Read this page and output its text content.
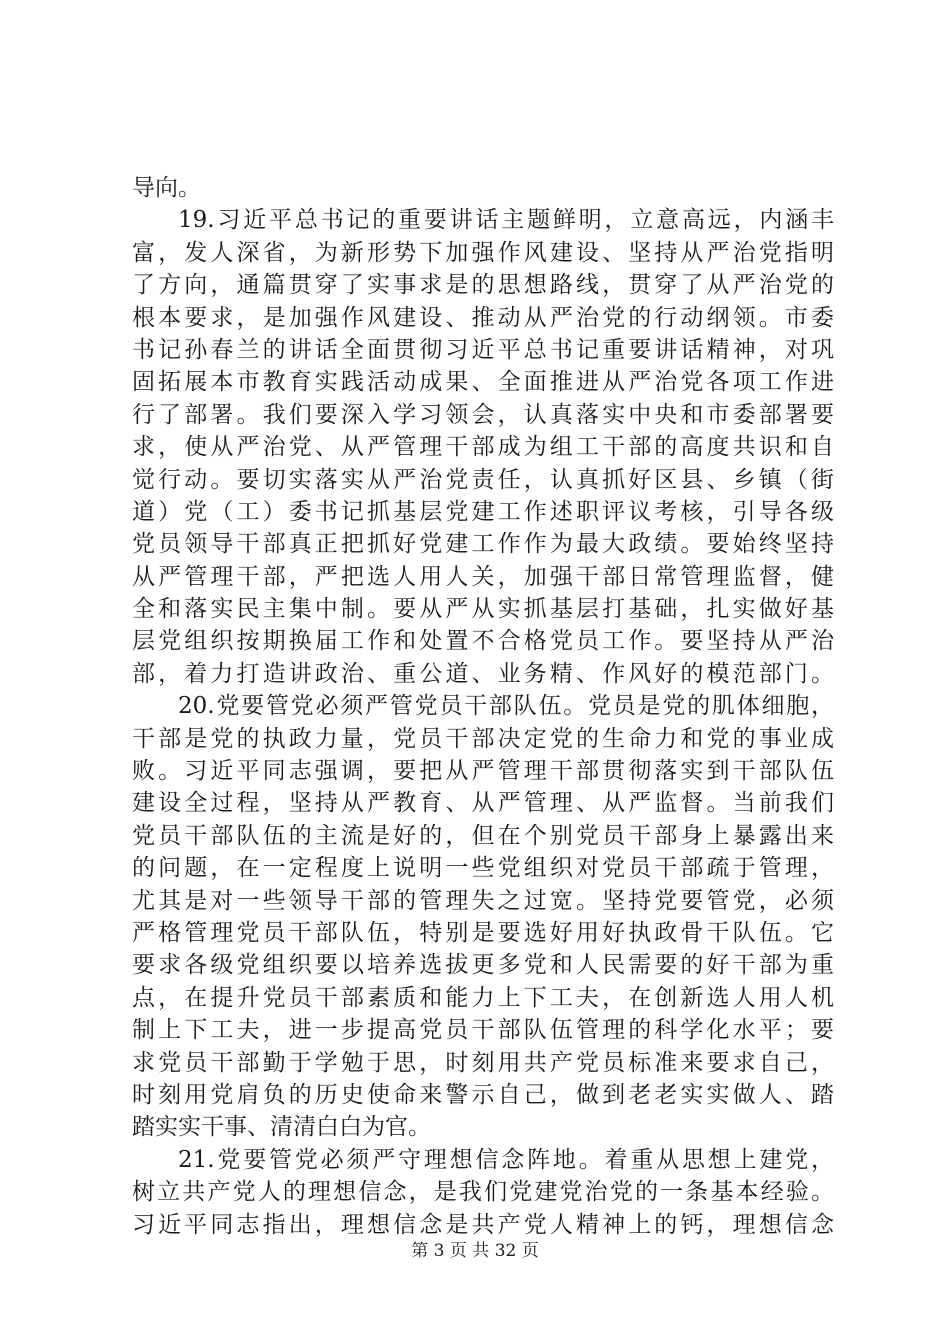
导向。
19.习近平总书记的重要讲话主题鲜明，立意高远，内涵丰
富，发人深省，为新形势下加强作风建设、坚持从严治党指明
了方向，通篇贯穿了实事求是的思想路线，贯穿了从严治党的
根本要求，是加强作风建设、推动从严治党的行动纲领。市委
书记孙春兰的讲话全面贯彻习近平总书记重要讲话精神，对巩
固拓展本市教育实践活动成果、全面推进从严治党各项工作进
行了部署。我们要深入学习领会，认真落实中央和市委部署要
求，使从严治党、从严管理干部成为组工干部的高度共识和自
觉行动。要切实落实从严治党责任，认真抓好区县、乡镇（街
道）党（工）委书记抓基层党建工作述职评议考核，引导各级
党员领导干部真正把抓好党建工作作为最大政绩。要始终坚持
从严管理干部，严把选人用人关，加强干部日常管理监督，健
全和落实民主集中制。要从严从实抓基层打基础，扎实做好基
层党组织按期换届工作和处置不合格党员工作。要坚持从严治
部，着力打造讲政治、重公道、业务精、作风好的模范部门。
20.党要管党必须严管党员干部队伍。党员是党的肌体细胞，
干部是党的执政力量，党员干部决定党的生命力和党的事业成
败。习近平同志强调，要把从严管理干部贯彻落实到干部队伍
建设全过程，坚持从严教育、从严管理、从严监督。当前我们
党员干部队伍的主流是好的，但在个别党员干部身上暴露出来
的问题，在一定程度上说明一些党组织对党员干部疏于管理，
尤其是对一些领导干部的管理失之过宽。坚持党要管党，必须
严格管理党员干部队伍，特别是要选好用好执政骨干队伍。它
要求各级党组织要以培养选拔更多党和人民需要的好干部为重
点，在提升党员干部素质和能力上下工夫，在创新选人用人机
制上下工夫，进一步提高党员干部队伍管理的科学化水平；要
求党员干部勤于学勉于思，时刻用共产党员标准来要求自己，
时刻用党肩负的历史使命来警示自己，做到老老实实做人、踏
踏实实干事、清清白白为官。
21.党要管党必须严守理想信念阵地。着重从思想上建党，
树立共产党人的理想信念，是我们党建党治党的一条基本经验。
习近平同志指出，理想信念是共产党人精神上的钙，理想信念
第 3 页 共 32 页
